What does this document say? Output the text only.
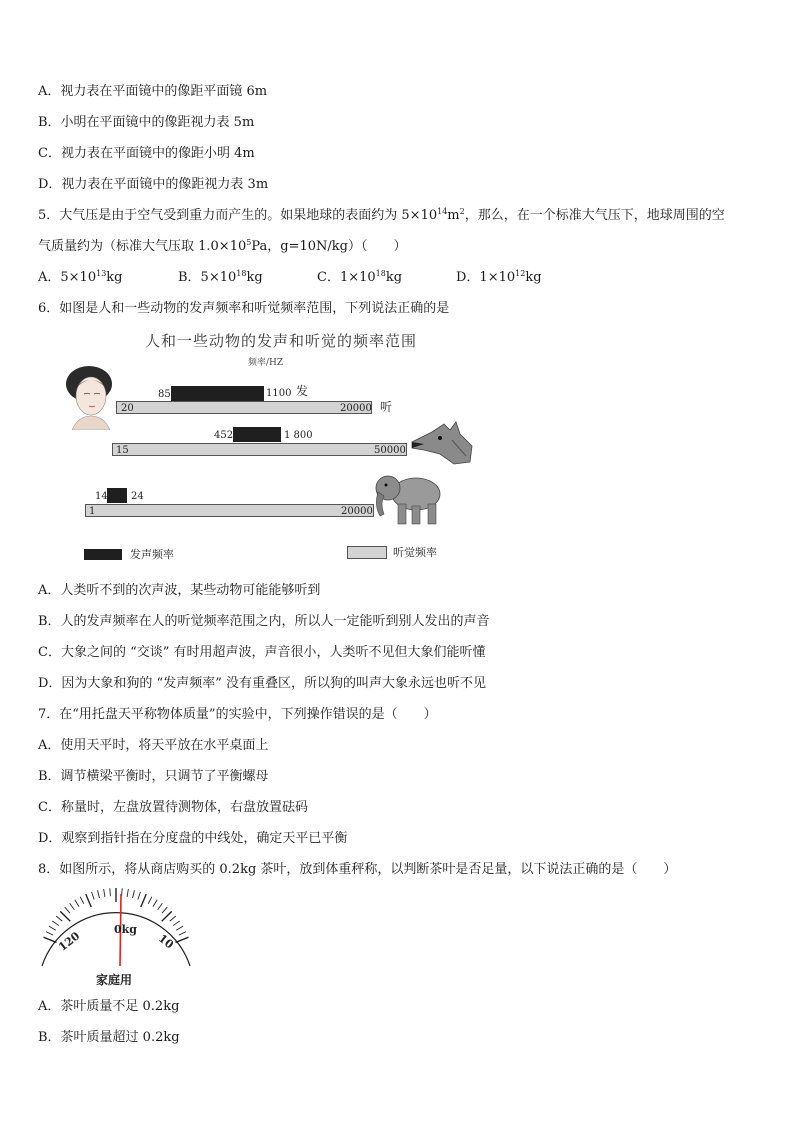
A．视力表在平面镜中的像距平面镜 6m
B．小明在平面镜中的像距视力表 5m
C．视力表在平面镜中的像距小明 4m
D．视力表在平面镜中的像距视力表 3m
5．大气压是由于空气受到重力而产生的。如果地球的表面约为 $5\times 10^{14}m^2$，那么，在一个标准大气压下，地球周围的空
气质量约为（标准大气压取 $1.0\times 10^5Pa$，g=10N/kg）（　　）
A．$5\times 10^{13}kg$	B．$5\times 10^{18}kg$	C．$1\times 10^{18}kg$	D．$1\times 10^{12}kg$
6．如图是人和一些动物的发声频率和听觉频率范围，下列说法正确的是
人和一些动物的发声和听觉的频率范围
频率/HZ
85	1100 发
20	20000 听
452	1 800
15	50000
14 24
1	20000
发声频率	听觉频率
A．人类听不到的次声波，某些动物可能能够听到
B．人的发声频率在人的听觉频率范围之内，所以人一定能听到别人发出的声音
C．大象之间的 “交谈” 有时用超声波，声音很小，人类听不见但大象们能听懂
D．因为大象和狗的 “发声频率” 没有重叠区，所以狗的叫声大象永远也听不见
7．在“用托盘天平称物体质量”的实验中，下列操作错误的是（　　）
A．使用天平时，将天平放在水平桌面上
B．调节横梁平衡时，只调节了平衡螺母
C．称量时，左盘放置待测物体，右盘放置砝码
D．观察到指针指在分度盘的中线处，确定天平已平衡
8．如图所示，将从商店购买的 0.2kg 茶叶，放到体重秤称，以判断茶叶是否足量，以下说法正确的是（　　）
120	0kg
10
家庭用
A．茶叶质量不足 0.2kg
B．茶叶质量超过 0.2kg
